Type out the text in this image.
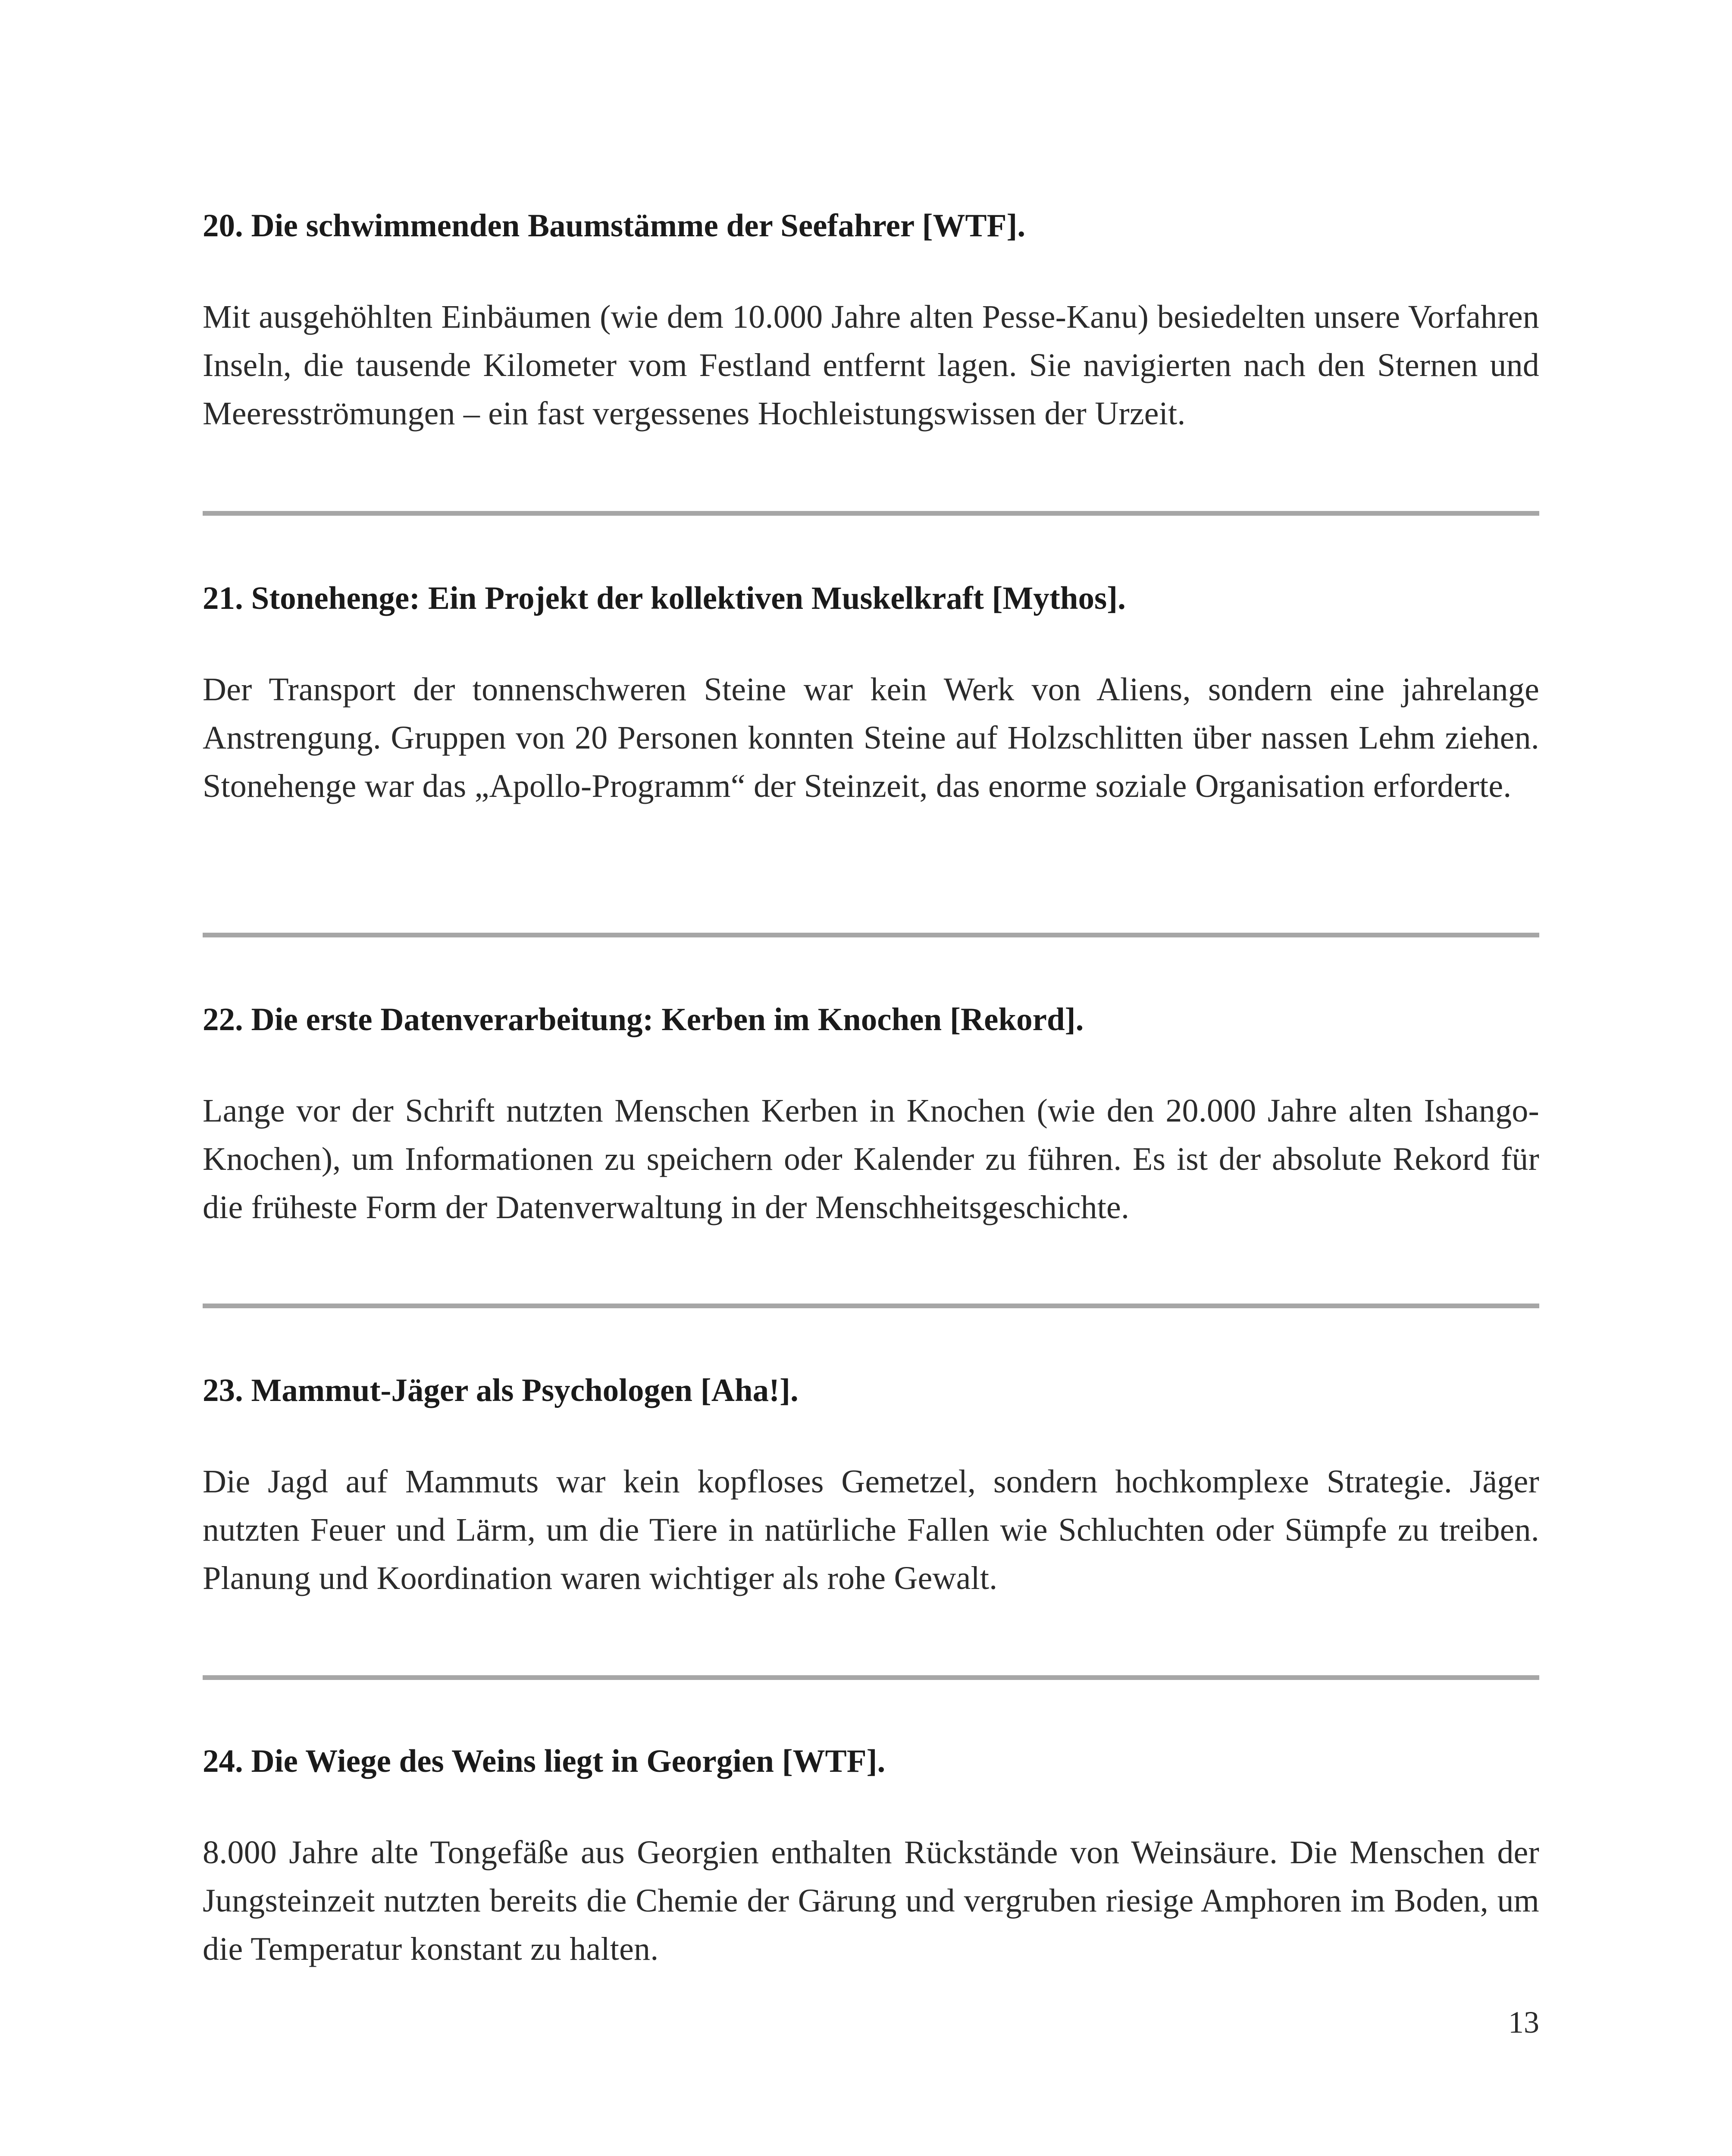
20. Die schwimmenden Baumstämme der Seefahrer [WTF].

Mit ausgehöhlten Einbäumen (wie dem 10.000 Jahre alten Pesse-Kanu) besiedelten unsere Vorfahren Inseln, die tausende Kilometer vom Festland entfernt lagen. Sie navigierten nach den Sternen und Meeresströmungen – ein fast vergessenes Hochleistungswissen der Urzeit.

21. Stonehenge: Ein Projekt der kollektiven Muskelkraft [Mythos].

Der Transport der tonnenschweren Steine war kein Werk von Aliens, sondern eine jahrelange Anstrengung. Gruppen von 20 Personen konnten Steine auf Holzschlitten über nassen Lehm ziehen. Stonehenge war das „Apollo-Programm“ der Steinzeit, das enorme soziale Organisation erforderte.

22. Die erste Datenverarbeitung: Kerben im Knochen [Rekord].

Lange vor der Schrift nutzten Menschen Kerben in Knochen (wie den 20.000 Jahre alten Ishango-Knochen), um Informationen zu speichern oder Kalender zu führen. Es ist der absolute Rekord für die früheste Form der Datenverwaltung in der Menschheitsgeschichte.

23. Mammut-Jäger als Psychologen [Aha!].

Die Jagd auf Mammuts war kein kopfloses Gemetzel, sondern hochkomplexe Strategie. Jäger nutzten Feuer und Lärm, um die Tiere in natürliche Fallen wie Schluchten oder Sümpfe zu treiben. Planung und Koordination waren wichtiger als rohe Gewalt.

24. Die Wiege des Weins liegt in Georgien [WTF].

8.000 Jahre alte Tongefäße aus Georgien enthalten Rückstände von Weinsäure. Die Menschen der Jungsteinzeit nutzten bereits die Chemie der Gärung und vergruben riesige Amphoren im Boden, um die Temperatur konstant zu halten.

13
